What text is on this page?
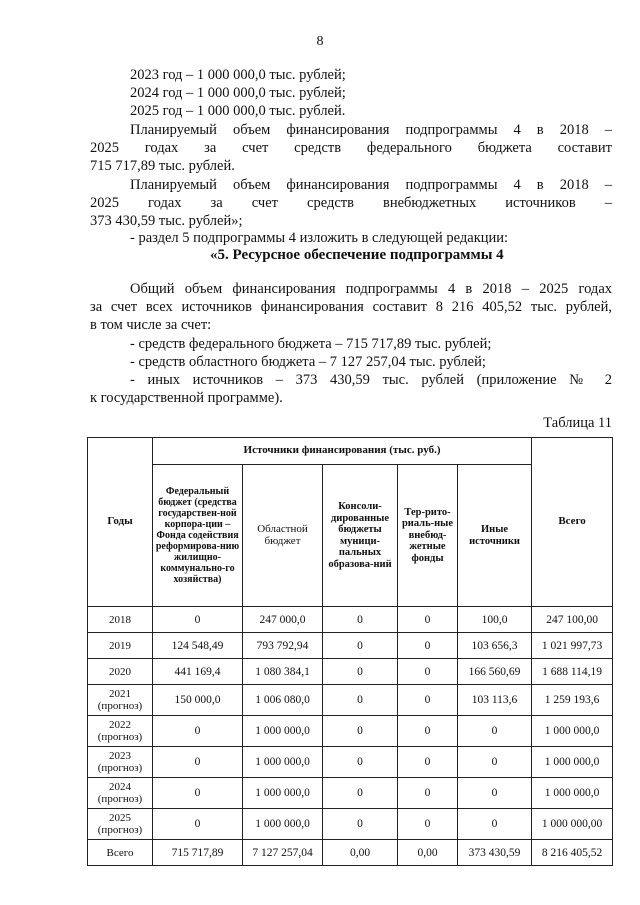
8

2023 год – 1 000 000,0 тыс. рублей;

2024 год – 1 000 000,0 тыс. рублей;

2025 год – 1 000 000,0 тыс. рублей.

Планируемый объем финансирования подпрограммы 4 в 2018 –

2025 годах за счет средств федерального бюджета составит

715 717,89 тыс. рублей.

Планируемый объем финансирования подпрограммы 4 в 2018 –

2025 годах за счет средств внебюджетных источников –

373 430,59 тыс. рублей»;

- раздел 5 подпрограммы 4 изложить в следующей редакции:

«5. Ресурсное обеспечение подпрограммы 4

Общий объем финансирования подпрограммы 4 в 2018 – 2025 годах

за счет всех источников финансирования составит 8 216 405,52 тыс. рублей,

в том числе за счет:

- средств федерального бюджета – 715 717,89 тыс. рублей;

- средств областного бюджета – 7 127 257,04 тыс. рублей;

- иных источников – 373 430,59 тыс. рублей (приложение № 2

к государственной программе).

Таблица 11

Годы	Источники финансирования (тыс. руб.)					Всего
	Федеральный бюджет (средства государствен-ной корпора-ции – Фонда содействия реформирова-нию жилищно-коммунально-го хозяйства)	Областной бюджет	Консоли-дированные бюджеты муници-пальных образова-ний	Тер-рито-риаль-ные внебюд-жетные фонды	Иные источники	
2018	0	247 000,0	0	0	100,0	247 100,00
2019	124 548,49	793 792,94	0	0	103 656,3	1 021 997,73
2020	441 169,4	1 080 384,1	0	0	166 560,69	1 688 114,19
2021 (прогноз)	150 000,0	1 006 080,0	0	0	103 113,6	1 259 193,6
2022 (прогноз)	0	1 000 000,0	0	0	0	1 000 000,0
2023 (прогноз)	0	1 000 000,0	0	0	0	1 000 000,0
2024 (прогноз)	0	1 000 000,0	0	0	0	1 000 000,0
2025 (прогноз)	0	1 000 000,0	0	0	0	1 000 000,00
Всего	715 717,89	7 127 257,04	0,00	0,00	373 430,59	8 216 405,52
